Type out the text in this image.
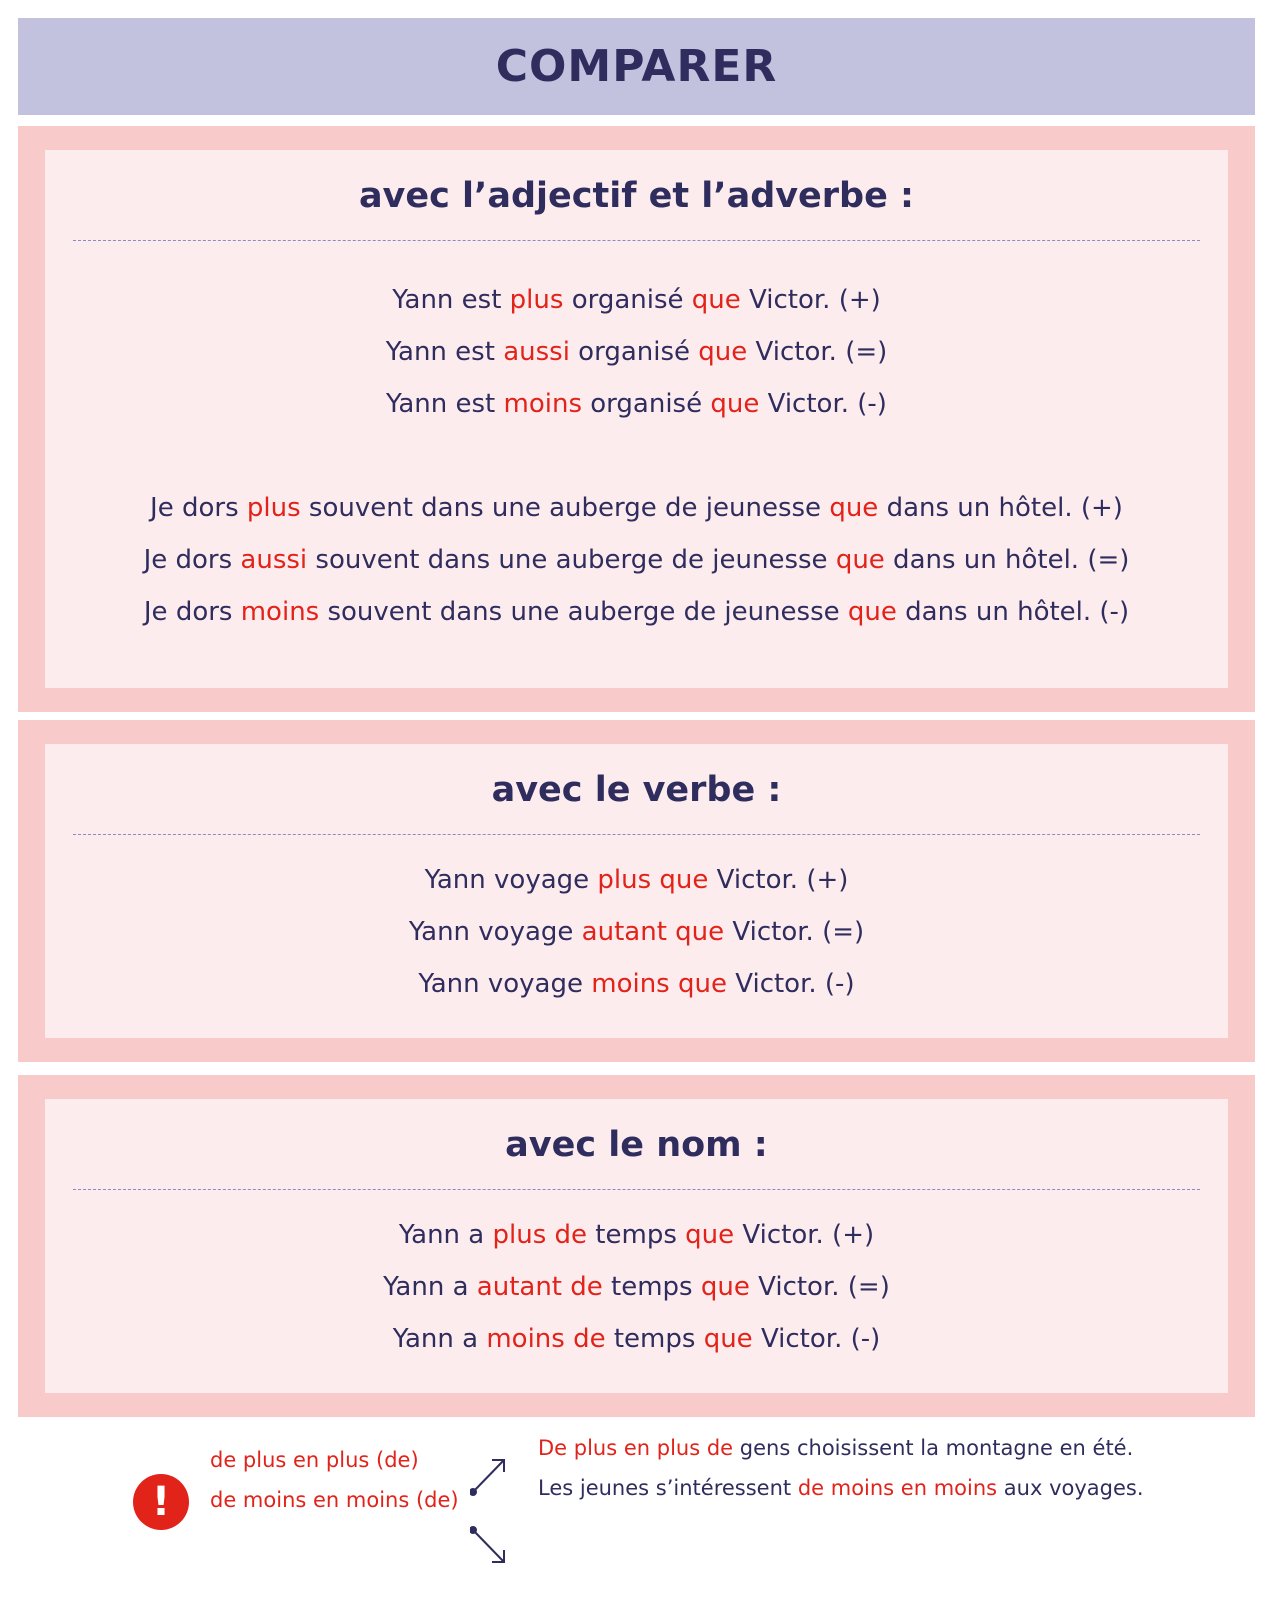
COMPARER
avec l’adjectif et l’adverbe :
Yann est plus organisé que Victor. (+)
Yann est aussi organisé que Victor. (=)
Yann est moins organisé que Victor. (-)
Je dors plus souvent dans une auberge de jeunesse que dans un hôtel. (+)
Je dors aussi souvent dans une auberge de jeunesse que dans un hôtel. (=)
Je dors moins souvent dans une auberge de jeunesse que dans un hôtel. (-)
avec le verbe :
Yann voyage plus que Victor. (+)
Yann voyage autant que Victor. (=)
Yann voyage moins que Victor. (-)
avec le nom :
Yann a plus de temps que Victor. (+)
Yann a autant de temps que Victor. (=)
Yann a moins de temps que Victor. (-)
!
de plus en plus (de)
de moins en moins (de)
De plus en plus de gens choisissent la montagne en été.
Les jeunes s’intéressent de moins en moins aux voyages.
